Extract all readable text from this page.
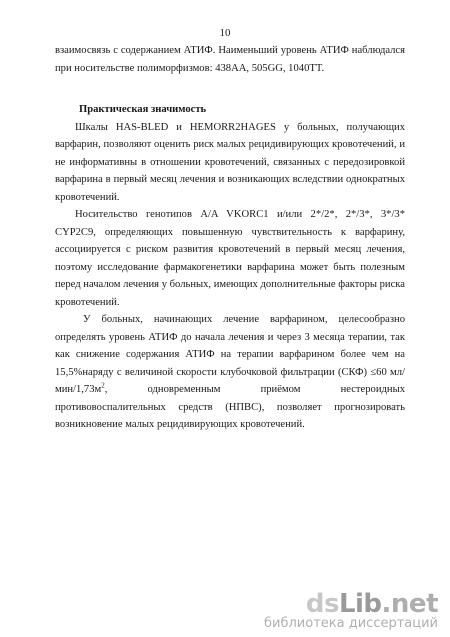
10

взаимосвязь с содержанием АТИФ. Наименьший уровень АТИФ наблюдался при носительстве полиморфизмов: 438AA, 505GG, 1040TT.

Практическая значимость

Шкалы HAS-BLED и HEMORR2HAGES у больных, получающих варфарин, позволяют оценить риск малых рецидивирующих кровотечений, и не информативны в отношении кровотечений, связанных с передозировкой варфарина в первый месяц лечения и возникающих вследствии однократных кровотечений.

Носительство генотипов A/A VKORC1 и/или 2*/2*, 2*/3*, 3*/3* CYP2C9, определяющих повышенную чувствительность к варфарину, ассоциируется с риском развития кровотечений в первый месяц лечения, поэтому исследование фармакогенетики варфарина может быть полезным перед началом лечения у больных, имеющих дополнительные факторы риска кровотечений.

У больных, начинающих лечение варфарином, целесообразно определять уровень АТИФ до начала лечения и через 3 месяца терапии, так как снижение содержания АТИФ на терапии варфарином более чем на 15,5%наряду с величиной скорости клубочковой фильтрации (СКФ) ≤60 $мл/мин/1,73м^2$, одновременным приёмом нестероидных противовоспалительных средств (НПВС), позволяет прогнозировать возникновение малых рецидивирующих кровотечений.

dsLib.net
библиотека диссертаций
